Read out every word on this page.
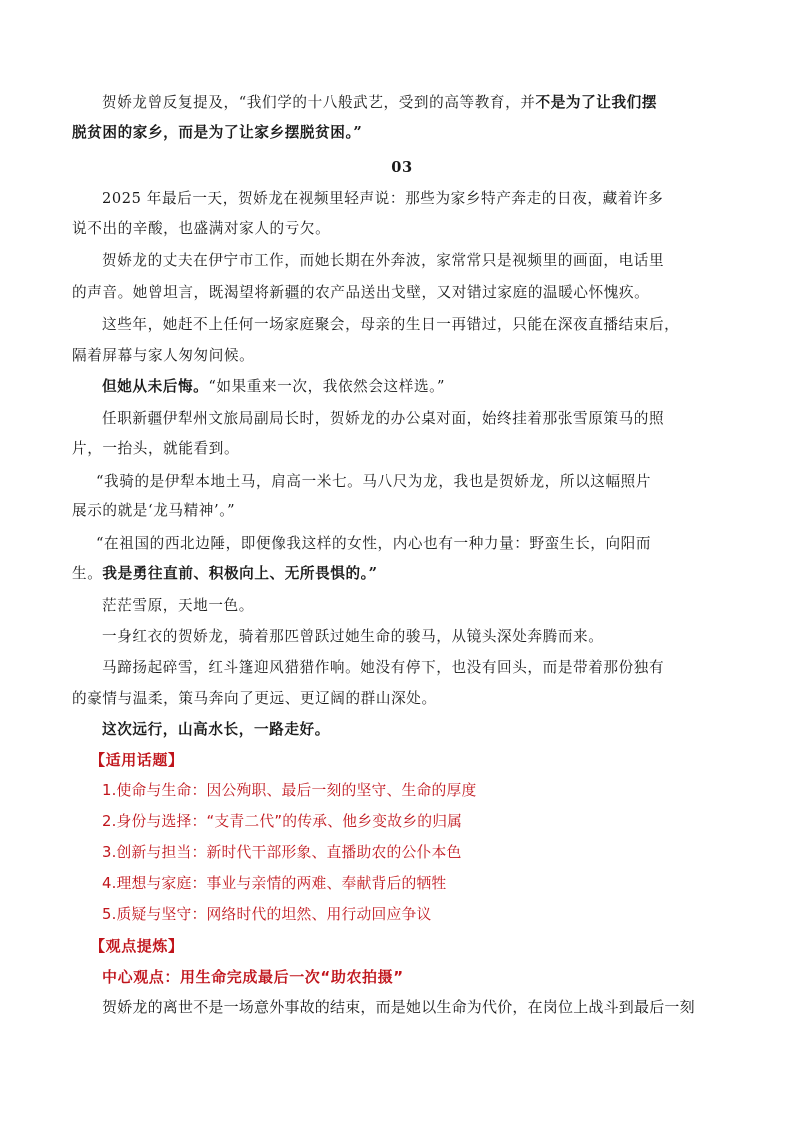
贺娇龙曾反复提及，“我们学的十八般武艺，受到的高等教育，并不是为了让我们摆
脱贫困的家乡，而是为了让家乡摆脱贫困。”
03
2025 年最后一天，贺娇龙在视频里轻声说：那些为家乡特产奔走的日夜，藏着许多
说不出的辛酸，也盛满对家人的亏欠。
贺娇龙的丈夫在伊宁市工作，而她长期在外奔波，家常常只是视频里的画面，电话里
的声音。她曾坦言，既渴望将新疆的农产品送出戈壁，又对错过家庭的温暖心怀愧疚。
这些年，她赶不上任何一场家庭聚会，母亲的生日一再错过，只能在深夜直播结束后，
隔着屏幕与家人匆匆问候。
但她从未后悔。“如果重来一次，我依然会这样选。”
任职新疆伊犁州文旅局副局长时，贺娇龙的办公桌对面，始终挂着那张雪原策马的照
片，一抬头，就能看到。
“我骑的是伊犁本地土马，肩高一米七。马八尺为龙，我也是贺娇龙，所以这幅照片
展示的就是‘龙马精神’。”
“在祖国的西北边陲，即便像我这样的女性，内心也有一种力量：野蛮生长，向阳而
生。我是勇往直前、积极向上、无所畏惧的。”
茫茫雪原，天地一色。
一身红衣的贺娇龙，骑着那匹曾跃过她生命的骏马，从镜头深处奔腾而来。
马蹄扬起碎雪，红斗篷迎风猎猎作响。她没有停下，也没有回头，而是带着那份独有
的豪情与温柔，策马奔向了更远、更辽阔的群山深处。
这次远行，山高水长，一路走好。
【适用话题】
1.使命与生命：因公殉职、最后一刻的坚守、生命的厚度
2.身份与选择：“支青二代”的传承、他乡变故乡的归属
3.创新与担当：新时代干部形象、直播助农的公仆本色
4.理想与家庭：事业与亲情的两难、奉献背后的牺牲
5.质疑与坚守：网络时代的坦然、用行动回应争议
【观点提炼】
中心观点：用生命完成最后一次“助农拍摄”
贺娇龙的离世不是一场意外事故的结束，而是她以生命为代价，在岗位上战斗到最后一刻
